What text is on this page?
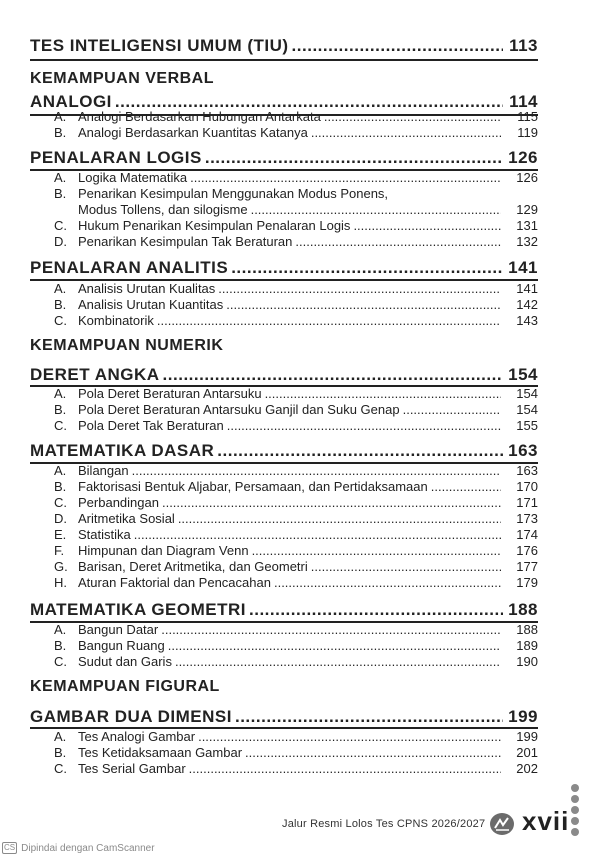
TES INTELIGENSI UMUM (TIU) .....	113
KEMAMPUAN VERBAL
ANALOGI .....	114
A. Analogi Berdasarkan Hubungan Antarkata .....	115
B. Analogi Berdasarkan Kuantitas Katanya .....	119
PENALARAN LOGIS .....	126
A. Logika Matematika .....	126
B. Penarikan Kesimpulan Menggunakan Modus Ponens,
Modus Tollens, dan silogisme .....	129
C. Hukum Penarikan Kesimpulan Penalaran Logis .....	131
D. Penarikan Kesimpulan Tak Beraturan .....	132
PENALARAN ANALITIS .....	141
A. Analisis Urutan Kualitas .....	141
B. Analisis Urutan Kuantitas .....	142
C. Kombinatorik .....	143
KEMAMPUAN NUMERIK
DERET ANGKA .....	154
A. Pola Deret Beraturan Antarsuku .....	154
B. Pola Deret Beraturan Antarsuku Ganjil dan Suku Genap .....	154
C. Pola Deret Tak Beraturan .....	155
MATEMATIKA DASAR .....	163
A. Bilangan .....	163
B. Faktorisasi Bentuk Aljabar, Persamaan, dan Pertidaksamaan .....	170
C. Perbandingan .....	171
D. Aritmetika Sosial .....	173
E. Statistika .....	174
F.	Himpunan dan Diagram Venn .....	176
G. Barisan, Deret Aritmetika, dan Geometri .....	177
H. Aturan Faktorial dan Pencacahan .....	179
MATEMATIKA GEOMETRI .....	188
A. Bangun Datar .....	188
B. Bangun Ruang .....	189
C. Sudut dan Garis .....	190
KEMAMPUAN FIGURAL
GAMBAR DUA DIMENSI .....	199
A. Tes Analogi Gambar .....	199
B. Tes Ketidaksamaan Gambar .....	201
C. Tes Serial Gambar .....	202
Jalur Resmi Lolos Tes CPNS 2026/2027 xvii
CS Dipindai dengan CamScanner
